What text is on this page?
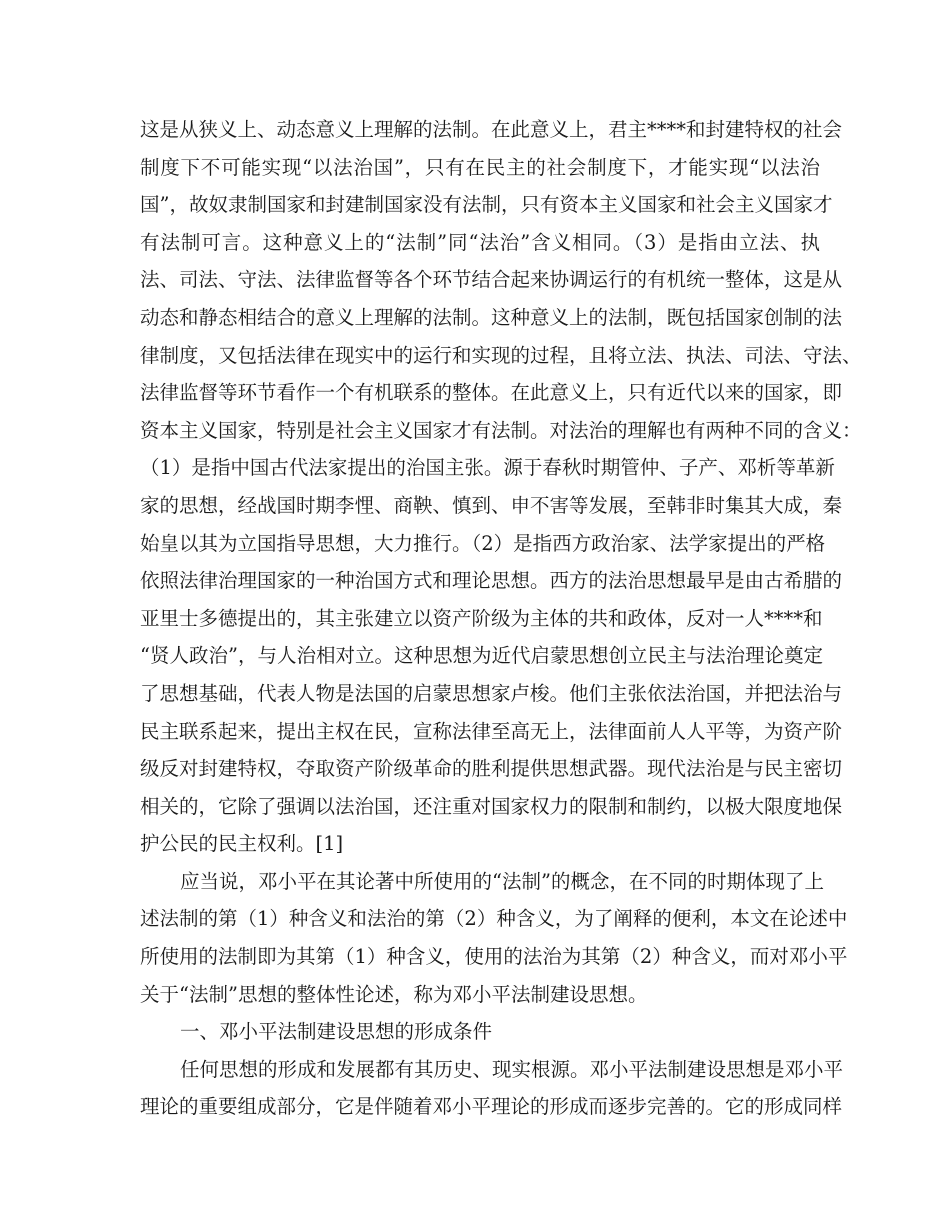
这是从狭义上、动态意义上理解的法制。在此意义上，君主****和封建特权的社会
制度下不可能实现“以法治国”，只有在民主的社会制度下，才能实现“以法治
国”，故奴隶制国家和封建制国家没有法制，只有资本主义国家和社会主义国家才
有法制可言。这种意义上的“法制”同“法治”含义相同。（3）是指由立法、执
法、司法、守法、法律监督等各个环节结合起来协调运行的有机统一整体，这是从
动态和静态相结合的意义上理解的法制。这种意义上的法制，既包括国家创制的法
律制度，又包括法律在现实中的运行和实现的过程，且将立法、执法、司法、守法、
法律监督等环节看作一个有机联系的整体。在此意义上，只有近代以来的国家，即
资本主义国家，特别是社会主义国家才有法制。对法治的理解也有两种不同的含义：
（1）是指中国古代法家提出的治国主张。源于春秋时期管仲、子产、邓析等革新
家的思想，经战国时期李悝、商鞅、慎到、申不害等发展，至韩非时集其大成，秦
始皇以其为立国指导思想，大力推行。（2）是指西方政治家、法学家提出的严格
依照法律治理国家的一种治国方式和理论思想。西方的法治思想最早是由古希腊的
亚里士多德提出的，其主张建立以资产阶级为主体的共和政体，反对一人****和
“贤人政治”，与人治相对立。这种思想为近代启蒙思想创立民主与法治理论奠定
了思想基础，代表人物是法国的启蒙思想家卢梭。他们主张依法治国，并把法治与
民主联系起来，提出主权在民，宣称法律至高无上，法律面前人人平等，为资产阶
级反对封建特权，夺取资产阶级革命的胜利提供思想武器。现代法治是与民主密切
相关的，它除了强调以法治国，还注重对国家权力的限制和制约，以极大限度地保
护公民的民主权利。[1]
应当说，邓小平在其论著中所使用的“法制”的概念，在不同的时期体现了上
述法制的第（1）种含义和法治的第（2）种含义，为了阐释的便利，本文在论述中
所使用的法制即为其第（1）种含义，使用的法治为其第（2）种含义，而对邓小平
关于“法制”思想的整体性论述，称为邓小平法制建设思想。
一、邓小平法制建设思想的形成条件
任何思想的形成和发展都有其历史、现实根源。邓小平法制建设思想是邓小平
理论的重要组成部分，它是伴随着邓小平理论的形成而逐步完善的。它的形成同样
